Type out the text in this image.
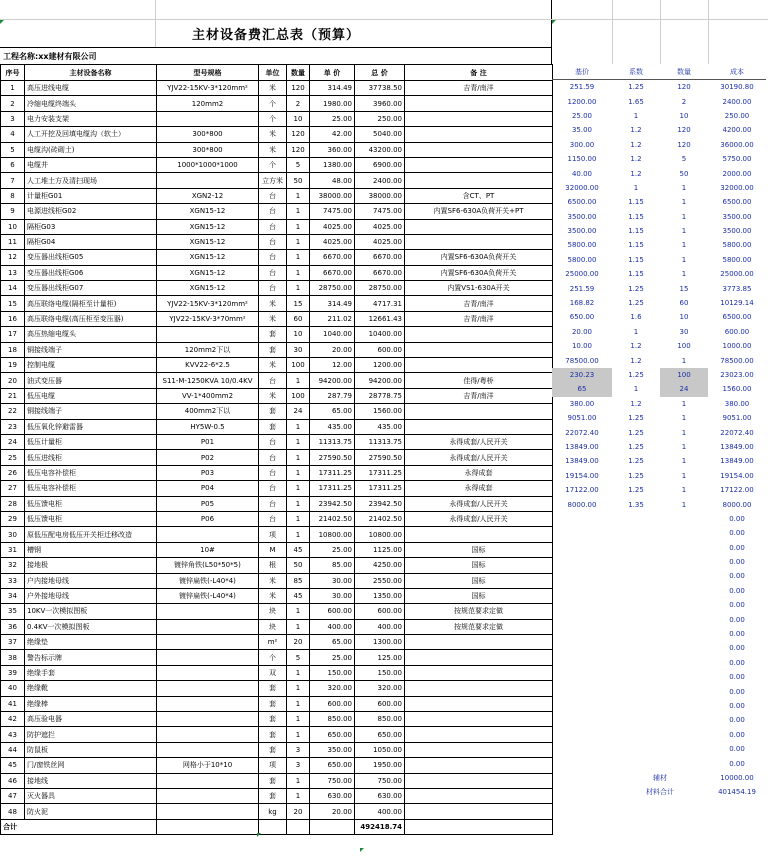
主材设备费汇总表（预算）
工程名称:xx建材有限公司
序号	主材设备名称	型号规格	单位	数量	单 价	总 价	备 注
1	高压进线电缆	YJV22-15KV-3*120mm²	米	120	314.49	37738.50	吉青/南洋
2	冷缩电缆终端头	120mm2	个	2	1980.00	3960.00	
3	电力安装支架		个	10	25.00	250.00	
4	人工开挖及回填电缆沟（软土）	300*800	米	120	42.00	5040.00	
5	电缆沟(砖砌土)	300*800	米	120	360.00	43200.00	
6	电缆井	1000*1000*1000	个	5	1380.00	6900.00	
7	人工堆土方及清扫现场		立方米	50	48.00	2400.00	
8	计量柜G01	XGN2-12	台	1	38000.00	38000.00	含CT、PT
9	电源进线柜G02	XGN15-12	台	1	7475.00	7475.00	内置SF6-630A负荷开关+PT
10	隔柜G03	XGN15-12	台	1	4025.00	4025.00	
11	隔柜G04	XGN15-12	台	1	4025.00	4025.00	
12	变压器出线柜G05	XGN15-12	台	1	6670.00	6670.00	内置SF6-630A负荷开关
13	变压器出线柜G06	XGN15-12	台	1	6670.00	6670.00	内置SF6-630A负荷开关
14	变压器出线柜G07	XGN15-12	台	1	28750.00	28750.00	内置VS1-630A开关
15	高压联络电缆(隔柜至计量柜)	YJV22-15KV-3*120mm²	米	15	314.49	4717.31	吉青/南洋
16	高压联络电缆(高压柜至变压器)	YJV22-15KV-3*70mm²	米	60	211.02	12661.43	吉青/南洋
17	高压热缩电缆头		套	10	1040.00	10400.00	
18	铜接线端子	120mm2下以	套	30	20.00	600.00	
19	控制电缆	KVV22-6*2.5	米	100	12.00	1200.00	
20	油式变压器	S11-M-1250KVA 10/0.4KV	台	1	94200.00	94200.00	佳得/粤桥
21	低压电缆	VV-1*400mm2	米	100	287.79	28778.75	吉青/南洋
22	铜接线端子	400mm2下以	套	24	65.00	1560.00	
23	低压氧化锌避雷器	HY5W-0.5	套	1	435.00	435.00	
24	低压计量柜	P01	台	1	11313.75	11313.75	永得成套/人民开关
25	低压进线柜	P02	台	1	27590.50	27590.50	永得成套/人民开关
26	低压电容补偿柜	P03	台	1	17311.25	17311.25	永得成套
27	低压电容补偿柜	P04	台	1	17311.25	17311.25	永得成套
28	低压馈电柜	P05	台	1	23942.50	23942.50	永得成套/人民开关
29	低压馈电柜	P06	台	1	21402.50	21402.50	永得成套/人民开关
30	原低压配电房低压开关柜迁移改造		项	1	10800.00	10800.00	
31	槽钢	10#	M	45	25.00	1125.00	国标
32	接地极	镀锌角铁(L50*50*5)	根	50	85.00	4250.00	国标
33	户内接地母线	镀锌扁铁(-L40*4)	米	85	30.00	2550.00	国标
34	户外接地母线	镀锌扁铁(-L40*4)	米	45	30.00	1350.00	国标
35	10KV一次模拟图板		块	1	600.00	600.00	按规范要求定做
36	0.4KV一次模拟图板		块	1	400.00	400.00	按规范要求定做
37	绝缘垫		m²	20	65.00	1300.00	
38	警告标示牌		个	5	25.00	125.00	
39	绝缘手套		双	1	150.00	150.00	
40	绝缘靴		套	1	320.00	320.00	
41	绝缘棒		套	1	600.00	600.00	
42	高压验电器		套	1	850.00	850.00	
43	防护遮拦		套	1	650.00	650.00	
44	防鼠板		套	3	350.00	1050.00	
45	门/窗铁丝网	网格小于10*10	项	3	650.00	1950.00	
46	接地线		套	1	750.00	750.00	
47	灭火器具		套	1	630.00	630.00	
48	防火泥		kg	20	20.00	400.00	
合计						492418.74	
基价	系数	数量	成本
251.59	1.25	120	30190.80
1200.00	1.65	2	2400.00
25.00	1	10	250.00
35.00	1.2	120	4200.00
300.00	1.2	120	36000.00
1150.00	1.2	5	5750.00
40.00	1.2	50	2000.00
32000.00	1	1	32000.00
6500.00	1.15	1	6500.00
3500.00	1.15	1	3500.00
3500.00	1.15	1	3500.00
5800.00	1.15	1	5800.00
5800.00	1.15	1	5800.00
25000.00	1.15	1	25000.00
251.59	1.25	15	3773.85
168.82	1.25	60	10129.14
650.00	1.6	10	6500.00
20.00	1	30	600.00
10.00	1.2	100	1000.00
78500.00	1.2	1	78500.00
230.23	1.25	100	23023.00
65	1	24	1560.00
380.00	1.2	1	380.00
9051.00	1.25	1	9051.00
22072.40	1.25	1	22072.40
13849.00	1.25	1	13849.00
13849.00	1.25	1	13849.00
19154.00	1.25	1	19154.00
17122.00	1.25	1	17122.00
8000.00	1.35	1	8000.00
			0.00
			0.00
			0.00
			0.00
			0.00
			0.00
			0.00
			0.00
			0.00
			0.00
			0.00
			0.00
			0.00
			0.00
			0.00
			0.00
			0.00
			0.00
	辅材		10000.00
	材料合计		401454.19
